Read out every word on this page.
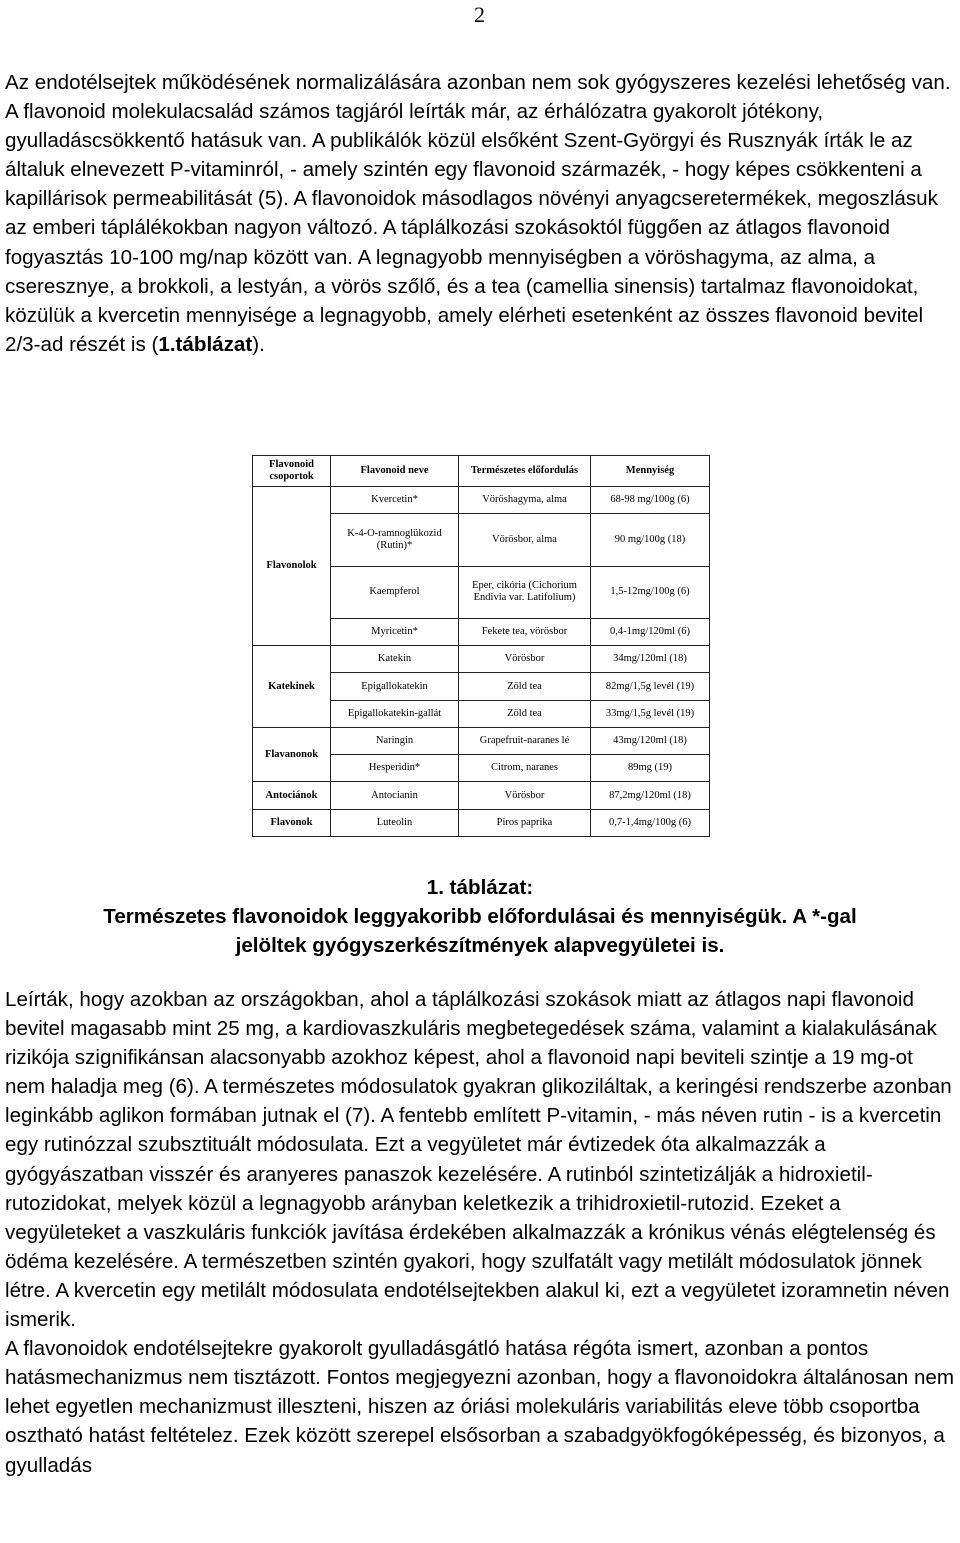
2

Az endotélsejtek működésének normalizálására azonban nem sok gyógyszeres kezelési lehetőség van. A flavonoid molekulacsalád számos tagjáról leírták már, az érhálózatra gyakorolt jótékony, gyulladáscsökkentő hatásuk van. A publikálók közül elsőként Szent-Györgyi és Rusznyák írták le az általuk elnevezett P-vitaminról, - amely szintén egy flavonoid származék, - hogy képes csökkenteni a kapillárisok permeabilitását (5). A flavonoidok másodlagos növényi anyagcseretermékek, megoszlásuk az emberi táplálékokban nagyon változó. A táplálkozási szokásoktól függően az átlagos flavonoid fogyasztás 10-100 mg/nap között van. A legnagyobb mennyiségben a vöröshagyma, az alma, a cseresznye, a brokkoli, a lestyán, a vörös szőlő, és a tea (camellia sinensis) tartalmaz flavonoidokat, közülük a kvercetin mennyisége a legnagyobb, amely elérheti esetenként az összes flavonoid bevitel 2/3-ad részét is (1.táblázat).

Flavonoid csoportok	Flavonoid neve	Természetes előfordulás	Mennyiség
Flavonolok	Kvercetin*	Vöröshagyma, alma	68-98 mg/100g (6)
	K-4-O-ramnoglükozid (Rutin)*	Vörösbor, alma	90 mg/100g (18)
	Kaempferol	Eper, cikória (Cichorium Endivia var. Latifolium)	1,5-12mg/100g (6)
	Myricetin*	Fekete tea, vörösbor	0,4-1mg/120ml (6)
Katekinek	Katekin	Vörösbor	34mg/120ml (18)
	Epigallokatekin	Zöld tea	82mg/1,5g levél (19)
	Epigallokatekin-gallát	Zöld tea	33mg/1,5g levél (19)
Flavanonok	Naringin	Grapefruit-naranes lé	43mg/120ml (18)
	Hesperidin*	Citrom, naranes	89mg (19)
Antociánok	Antocianin	Vörösbor	87,2mg/120ml (18)
Flavonok	Luteolin	Piros paprika	0,7-1,4mg/100g (6)
1. táblázat:
Természetes flavonoidok leggyakoribb előfordulásai és mennyiségük. A *-gal
jelöltek gyógyszerkészítmények alapvegyületei is.
Leírták, hogy azokban az országokban, ahol a táplálkozási szokások miatt az átlagos napi flavonoid bevitel magasabb mint 25 mg, a kardiovaszkuláris megbetegedések száma, valamint a kialakulásának rizikója szignifikánsan alacsonyabb azokhoz képest, ahol a flavonoid napi beviteli szintje a 19 mg-ot nem haladja meg (6). A természetes módosulatok gyakran glikoziláltak, a keringési rendszerbe azonban leginkább aglikon formában jutnak el (7). A fentebb említett P-vitamin, - más néven rutin - is a kvercetin egy rutinózzal szubsztituált módosulata. Ezt a vegyületet már évtizedek óta alkalmazzák a gyógyászatban visszér és aranyeres panaszok kezelésére. A rutinból szintetizálják a hidroxietil-rutozidokat, melyek közül a legnagyobb arányban keletkezik a trihidroxietil-rutozid. Ezeket a vegyületeket a vaszkuláris funkciók javítása érdekében alkalmazzák a krónikus vénás elégtelenség és ödéma kezelésére. A természetben szintén gyakori, hogy szulfatált vagy metilált módosulatok jönnek létre. A kvercetin egy metilált módosulata endotélsejtekben alakul ki, ezt a vegyületet izoramnetin néven ismerik.
A flavonoidok endotélsejtekre gyakorolt gyulladásgátló hatása régóta ismert, azonban a pontos hatásmechanizmus nem tisztázott. Fontos megjegyezni azonban, hogy a flavonoidokra általánosan nem lehet egyetlen mechanizmust illeszteni, hiszen az óriási molekuláris variabilitás eleve több csoportba osztható hatást feltételez. Ezek között szerepel elsősorban a szabadgyökfogóképesség, és bizonyos, a gyulladás
